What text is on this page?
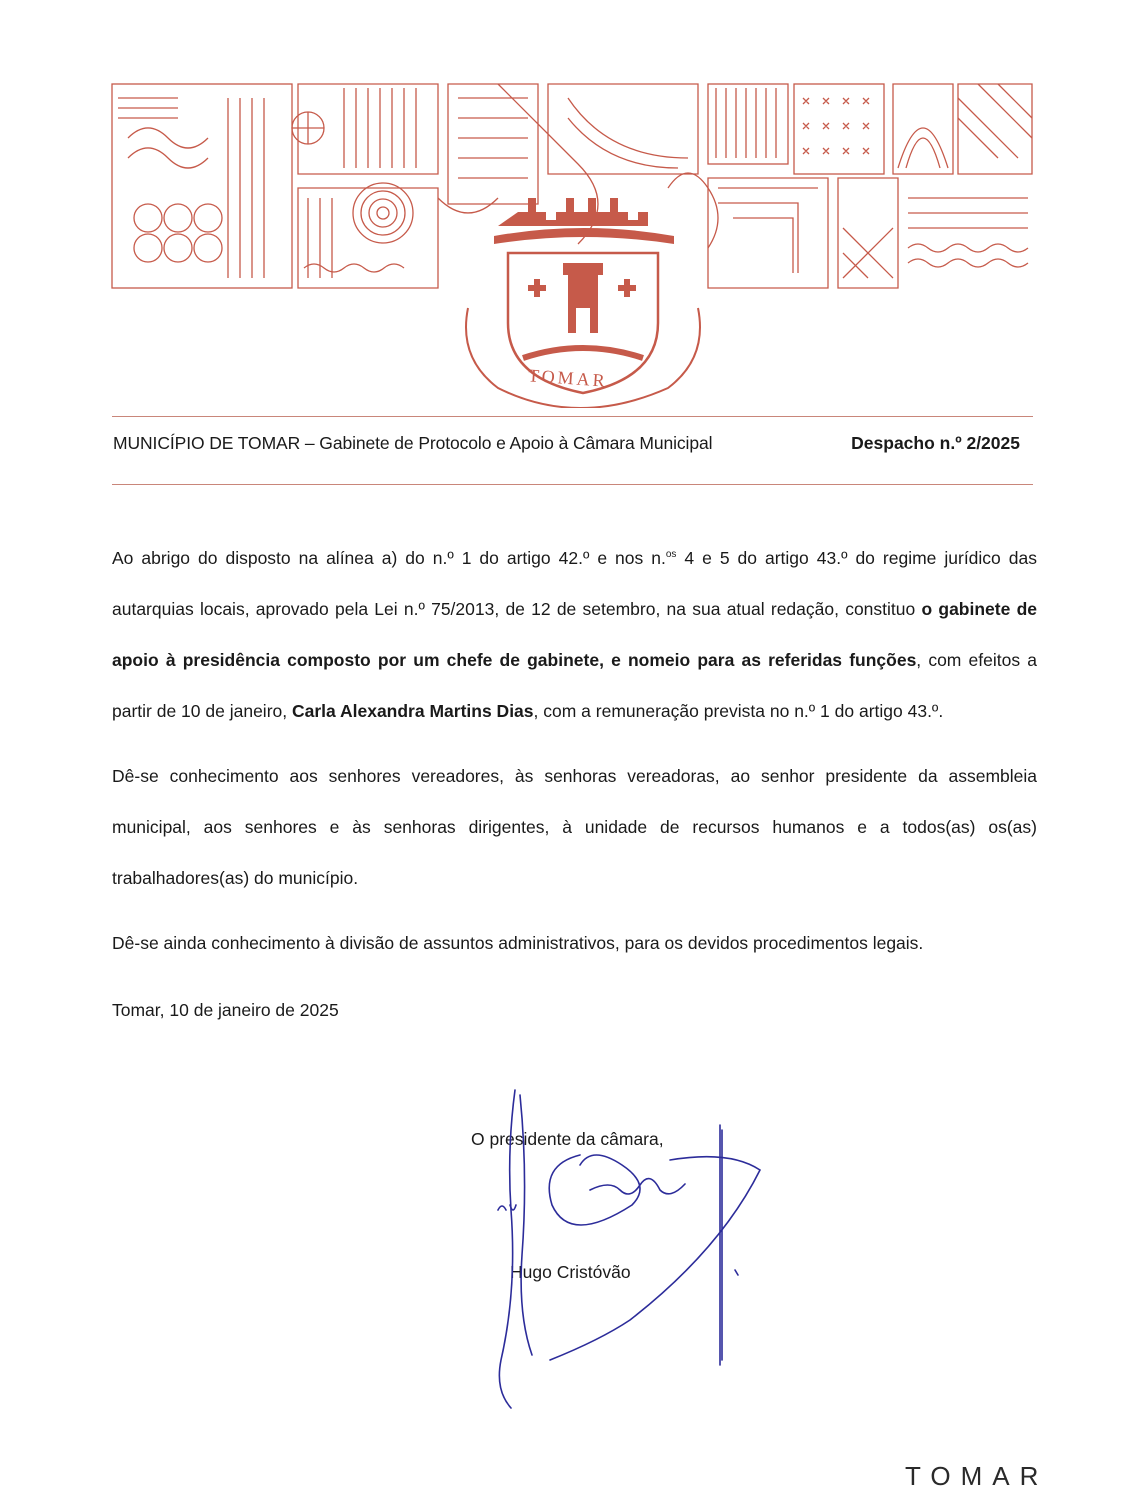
TOMAR
MUNICÍPIO DE TOMAR – Gabinete de Protocolo e Apoio à Câmara Municipal	Despacho n.º 2/2025

Ao abrigo do disposto na alínea a) do n.º 1 do artigo 42.º e nos n.$^{os}$ 4 e 5 do artigo 43.º do regime jurídico das autarquias locais, aprovado pela Lei n.º 75/2013, de 12 de setembro, na sua atual redação, constituo o gabinete de apoio à presidência composto por um chefe de gabinete, e nomeio para as referidas funções, com efeitos a partir de 10 de janeiro, Carla Alexandra Martins Dias, com a remuneração prevista no n.º 1 do artigo 43.º.

Dê-se conhecimento aos senhores vereadores, às senhoras vereadoras, ao senhor presidente da assembleia municipal, aos senhores e às senhoras dirigentes, à unidade de recursos humanos e a todos(as) os(as) trabalhadores(as) do município.

Dê-se ainda conhecimento à divisão de assuntos administrativos, para os devidos procedimentos legais.

Tomar, 10 de janeiro de 2025

O presidente da câmara,
Hugo Cristóvão
TOMAR
